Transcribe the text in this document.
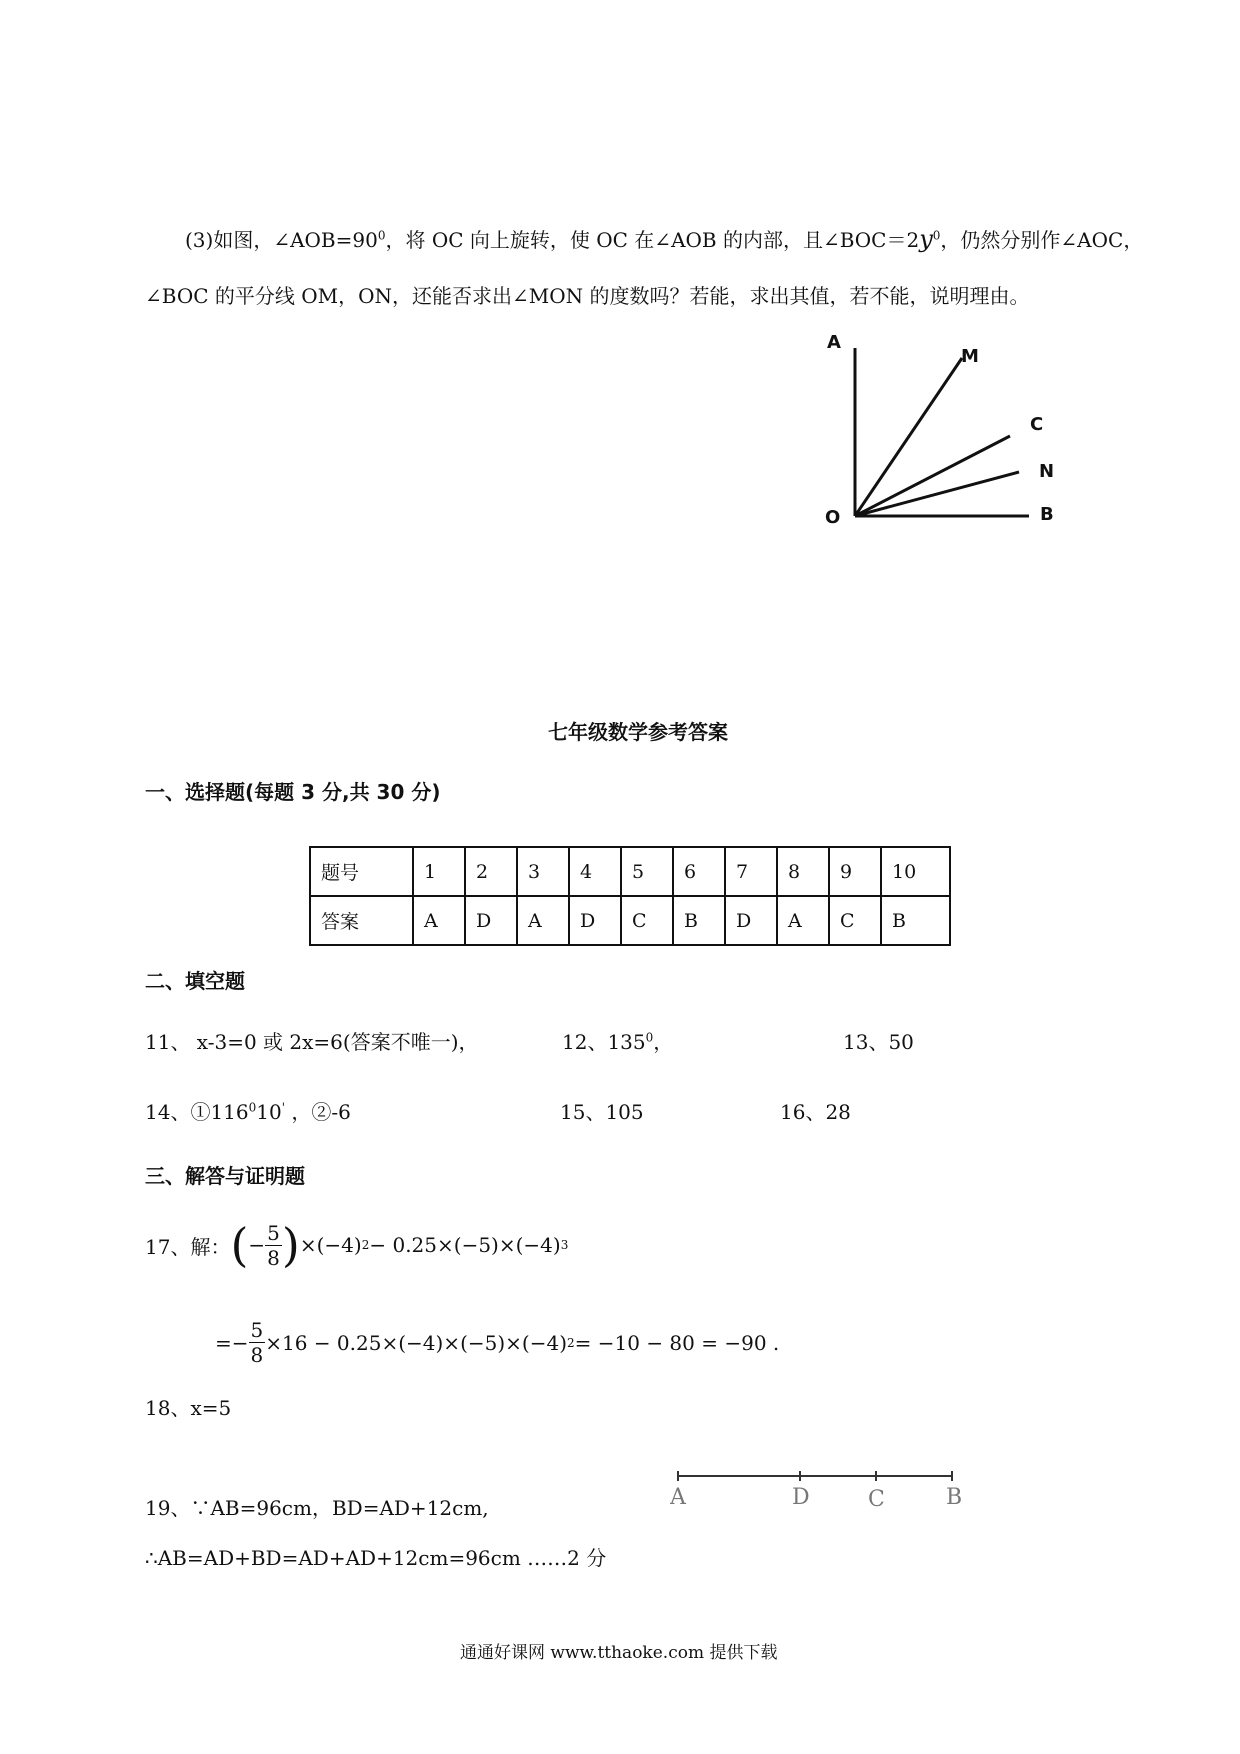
(3)如图，$\angle AOB=90^0$，将 OC 向上旋转，使 OC 在∠AOB 的内部，且$\angle BOC=2y^0$，仍然分别作∠AOC，
∠BOC 的平分线 OM，ON，还能否求出∠MON 的度数吗？若能，求出其值，若不能，说明理由。
A
M
C
N
O	B
七年级数学参考答案
一、选择题(每题 3 分,共 30 分)
题号	1	2	3	4	5	6	7	8	9	10
答案	A	D	A	D	C	B	D	A	C	B
二、填空题
11、 x-3=0 或 2x=6(答案不唯一)，	12、$135^0$，	13、50
14、$①116^010'$ ，②-6	15、105	16、28
三、解答与证明题
17、解： ( − $\frac{5}{8}$ ) ×(−4) 2 − 0.25×(−5)×(−4) 3
=− $\frac{5}{8} \times 16 - 0.25\times(-4)\times(-5)\times(-4) 2 = -10 - 80 = -90$ .
18、x=5
A	D	C	B
19、∵AB=96cm，BD=AD+12cm,
∴AB=AD+BD=AD+AD+12cm=96cm ……2 分
通通好课网 www.tthaoke.com 提供下载
